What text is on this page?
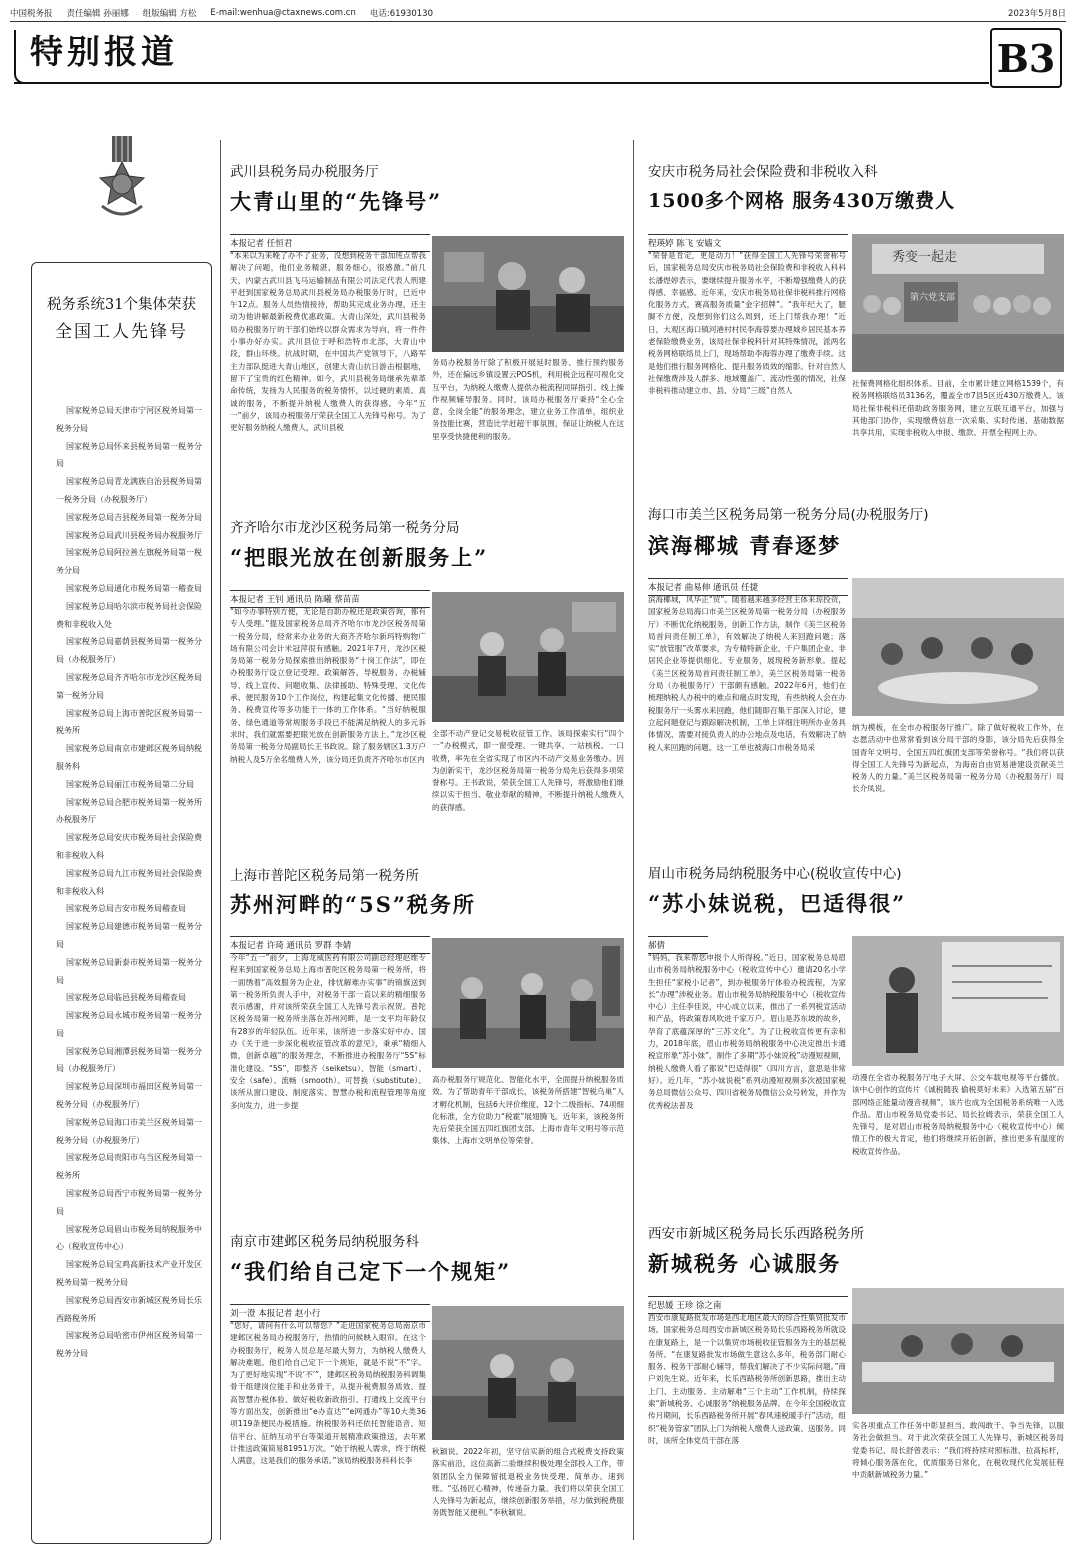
中国税务报 责任编辑 孙丽娜 组版编辑 方松 E-mail:wenhua@ctaxnews.com.cn 电话:61930130	2023年5月8日
特别报道	B3
税务系统31个集体荣获
全国工人先锋号
国家税务总局天津市宁河区税务局第一税务分局
国家税务总局怀来县税务局第一税务分局
国家税务总局青龙满族自治县税务局第一税务分局（办税服务厅）
国家税务总局吉县税务局第一税务分局
国家税务总局武川县税务局办税服务厅
国家税务总局阿拉善左旗税务局第一税务分局
国家税务总局通化市税务局第一稽查局
国家税务总局哈尔滨市税务局社会保险费和非税收入处
国家税务总局嘉荫县税务局第一税务分局（办税服务厅）
国家税务总局齐齐哈尔市龙沙区税务局第一税务分局
国家税务总局上海市普陀区税务局第一税务所
国家税务总局南京市建邺区税务局纳税服务科
国家税务总局丽江市税务局第二分局
国家税务总局合肥市税务局第一税务所办税服务厅
国家税务总局安庆市税务局社会保险费和非税收入科
国家税务总局九江市税务局社会保险费和非税收入科
国家税务总局吉安市税务局稽查局
国家税务总局建德市税务局第一税务分局
国家税务总局新泰市税务局第一税务分局
国家税务总局临邑县税务局稽查局
国家税务总局永城市税务局第一税务分局
国家税务总局湘潭县税务局第一税务分局（办税服务厅）
国家税务总局深圳市福田区税务局第一税务分局（办税服务厅）
国家税务总局海口市美兰区税务局第一税务分局（办税服务厅）
国家税务总局贵阳市乌当区税务局第一税务所
国家税务总局西宁市税务局第一税务分局
国家税务总局眉山市税务局纳税服务中心（税收宣传中心）
国家税务总局宝鸡高新技术产业开发区税务局第一税务分局
国家税务总局西安市新城区税务局长乐西路税务所
国家税务总局哈密市伊州区税务局第一税务分局
武川县税务局办税服务厅
大青山里的“先锋号”
本报记者 任恒君
“本来以为来晚了办不了业务，没想到税务干部加班点帮我解决了问题，他们业务精湛、服务细心，很感激。”前几天，内蒙古武川县飞马运输制品有限公司法定代表人刑建平赶到国家税务总局武川县税务局办税服务厅时，已近中午12点。服务人员热情接待，帮助其完成业务办理，还主动为他讲解最新税费优惠政策。大青山深处，武川县税务局办税服务厅的干部们始终以群众需求为导向，将一件件小事办好办实。武川县位于呼和浩特市北部，大青山中段，群山环绕。抗战时期，在中国共产党领导下，八路军主力部队挺进大青山地区，创建大青山抗日游击根据地，留下了宝贵的红色精神。如今，武川县税务局继承先辈革命传统，发扬为人民服务的税务情怀，以过硬的素质、真诚的服务，不断提升纳税人缴费人的获得感。今年“五一”前夕，该局办税服务厅荣获全国工人先锋号称号。为了更好服务纳税人缴费人，武川县税
务局办税服务厅除了积极开展延时服务、推行预约服务外，还在偏远乡镇设置云POS机，利用税企远程可视化交互平台，为纳税人缴费人提供办税流程同屏指引、线上操作视频辅导服务。同时，该局办税服务厅秉持“全心全意、全岗全能”的服务理念，建立业务工作清单，组织业务技能比赛，营造比学赶超干事氛围，保证让纳税人在这里享受快捷便利的服务。
齐齐哈尔市龙沙区税务局第一税务分局
“把眼光放在创新服务上”
本报记者 王钊 通讯员 陈曦 蔡苗苗
“如今办事特别方便，无论是自助办税还是政策咨询，都有专人受理。”提及国家税务总局齐齐哈尔市龙沙区税务局第一税务分局，经常来办业务的大商齐齐哈尔新玛特购物广场有限公司会计米冠萍很有感触。2021年7月，龙沙区税务局第一税务分局探索推出纳税服务“十岗工作法”，即在办税服务厅设立登记受理、政策解答、导税服务、办税辅导、线上宣传、问题收集、法律援助、特殊受理、文化传承、便民服务10个工作岗位，构建起集文化传播、便民服务、税费宣传等多功能于一体的工作体系。“当好纳税服务、绿色通道等常规服务手段已不能满足纳税人的多元诉求时，我们就需要把眼光放在创新服务方法上。”龙沙区税务局第一税务分局副局长王书政说。除了服务辖区1.3万户纳税人及5万余名缴费人外，该分局还负责齐齐哈尔市区内
全部不动产登记交易税收征管工作。该局探索实行“四个一”办税模式，即一窗受理、一键共享、一站核税、一口收费，率先在全省实现了市区内不动产交易业务缴办。因为创新实干，龙沙区税务局第一税务分局先后获得多项荣誉称号。王书政说，荣获全国工人先锋号，将激励他们继续以实干担当、敬业奉献的精神，不断提升纳税人缴费人的获得感。
上海市普陀区税务局第一税务所
苏州河畔的“5S”税务所
本报记者 许琦 通讯员 罗群 李婧
今年“五一”前夕，上海龙威医药有限公司副总经理赵维专程来到国家税务总局上海市普陀区税务局第一税务所，将一面绣着“高效服务为企业，排忧解难办实事”的锦旗送到第一税务所负责人手中，对税务干部一直以来的精细服务表示感谢，并对该所荣获全国工人先锋号表示祝贺。普陀区税务局第一税务所坐落在苏州河畔，是一支平均年龄仅有28岁的年轻队伍。近年来，该所进一步落实好中办、国办《关于进一步深化税收征管改革的意见》，秉承“精细入微，创新卓越”的服务理念，不断推进办税服务厅“5S”标准化建设。“5S”，即整齐（seiketsu）、智能（smart）、安全（safe）、流畅（smooth）、可替换（substitute）。该所从窗口建设、制度落实、智慧办税和流程管理等角度多向发力，进一步提
高办税服务厅规范化、智能化水平，全面提升纳税服务质效。为了帮助青年干部成长，该税务所搭建“智税乌巢”人才孵化机制，包括6大评价维度、12个二级指标、74项细化标准，全方位助力“税霍”展翅腾飞。近年来，该税务所先后荣获全国五四红旗团支部、上海市青年文明号等示范集体、上海市文明单位等荣誉。
南京市建邺区税务局纳税服务科
“我们给自己定下一个规矩”
刘一澄 本报记者 赵小行
“您好，请问有什么可以帮您？”走进国家税务总局南京市建邺区税务局办税服务厅，热情的问候映入眼帘。在这个办税服务厅，税务人员总是尽最大努力，为纳税人缴费人解决难题。他们给自己定下一个规矩，就是不说“不”字。为了更好地实现“不说‘不’”，建邺区税务局纳税服务科调集骨干组建岗位能手和业务骨干，从提升税费服务质效、提高智慧办税体验、做好税收新政指引、打通线上交流平台等方面出发，创新推出“e办直达”“e网通办”等10大类36项119条便民办税措施。纳税服务科还依托智能语音、短信平台、征纳互动平台等渠道开展精准政策推送，去年累计推送政策简易81951万次。“始于纳税人需求，终于纳税人满意，这是我们的服务承诺。”该局纳税服务科科长李
秋颖说。2022年初，坚守信实新的组合式税费支持政策落实前沿，这位高新二验继续积极处理全部投入工作，带领团队全力保障留抵退税业务快受理、简单办、速到账。“弘扬匠心精神，传递奋力量。我们将以荣获全国工人先锋号为新起点，继续创新服务举措，尽力做到税费服务既智能又便利。”李秋颖说。
安庆市税务局社会保险费和非税收入科
1500多个网格 服务430万缴费人
程瑛婷 陈飞 安嫱文
“荣誉是肯定，更是动力！”获得全国工人先锋号荣誉称号后，国家税务总局安庆市税务局社会保险费和非税收入科科长潘煜婷表示，要继续提升服务水平，不断增强缴费人的获得感、幸福感。近年来，安庆市税务局社保非税科推行网格化服务方式，赛高服务质量“金字招牌”。“我年纪大了，腿脚不方便，没想到你们这么周到，还上门帮我办理！”近日，大观区海口镇河港村村民李海蓉要办理城乡居民基本养老保险缴费业务，该局社保非税科针对其特殊情况，派两名税务网格联络员上门，现场帮助李海蓉办理了缴费手续。这是他们推行服务网格化、提升服务质效的缩影。针对自然人社保缴费涉及人群多、地域覆盖广、流动性强的情况，社保非税科推动建立市、县、分局“三级”自然人
秀变一起走
第六党支部
社保费网格化组织体系。目前，全市累计建立网格1539个，有税务网格联络员3136名，覆盖全市7县5区近430万缴费人。该局社保非税科还借助政务服务网，建立互联互通平台，加强与其他部门协作，实现缴费信息一次采集、实时传递、基础数据共享共用，实现非税收入申报、缴款、开票全程网上办。
海口市美兰区税务局第一税务分局(办税服务厅)
滨海椰城 青春逐梦
本报记者 曲易伸 通讯员 任捷
滨海椰城，风华正“贸”。随着越来越多经营主体来琼投资，国家税务总局海口市美兰区税务局第一税务分局（办税服务厅）不断优化纳税服务，创新工作方法，制作《美兰区税务局首问责任制工单》，有效解决了纳税人来回跑问题；落实“放管服”改革要求，为专精特新企业、千户集团企业、非居民企业等提供细化、专业服务，展现税务新形象。提起《美兰区税务局首问责任制工单》，美兰区税务局第一税务分局（办税服务厅）干部颇有感触。2022年6月，他们在梳理纳税人办税中的难点和痛点时发现，有些纳税人会在办税服务厅一头雾水来回跑，他们随即召集干部深入讨论，建立起问题登记与跟踪解决机制，工单上详细注明所办业务具体情况、需要对接负责人的办公地点及电话，有效解决了纳税人来回跑的问题。这一工单也被海口市税务局采
纳为模板，在全市办税服务厅推广。除了做好税收工作外，在志愿活动中也常常看到该分局干部的身影，该分局先后获得全国青年文明号、全国五四红旗团支部等荣誉称号。“我们将以获得全国工人先锋号为新起点，为海南自由贸易港建设贡献美兰税务人的力量。”美兰区税务局第一税务分局（办税服务厅）局长介凤说。
眉山市税务局纳税服务中心(税收宣传中心)
“苏小妹说税，巴适得很”
郝倩
“妈妈，我来帮您申报个人所得税。”近日，国家税务总局眉山市税务局纳税服务中心（税收宣传中心）邀请20名小学生担任“家税小记者”，到办税服务厅体验办税流程，为家长“办理”涉税业务。眉山市税务局纳税服务中心（税收宣传中心）主任李佳说，中心成立以来，推出了一系列税宣活动和产品，将政策春风吹进千家万户。眉山是苏东坡的故乡，孕育了底蕴深厚的“三苏文化”。为了让税收宣传更有亲和力，2018年底，眉山市税务局纳税服务中心决定推出卡通税宣形象“苏小妹”，制作了多期“苏小妹说税”动漫短视频，纳税人缴费人看了都说“巴适得很”（四川方言，意思是非常好）。近几年，“苏小妹说税”系列动漫短视频多次被国家税务总局微信公众号、四川省税务局微信公众号转发，并作为优秀税法普及
动漫在全省办税服务厅电子大屏、公交车载电视等平台播放。该中心创作的宣传片《诚税随我 偷税莫好未来》入选第五届“百部网络正能量动漫音视频”，该片也成为全国税务系统唯一入选作品。眉山市税务局党委书记、局长拉姆表示，荣获全国工人先锋号，是对眉山市税务局纳税服务中心（税收宣传中心）倾情工作的极大肯定，他们将继续开拓创新，推出更多有温度的税收宣传作品。
西安市新城区税务局长乐西路税务所
新城税务 心诚服务
纪思媛 王珍 徐之南
西安市康复路批发市场是西北地区最大的综合性集贸批发市场。国家税务总局西安市新城区税务局长乐西路税务所就设在康复路上，是一个以集贸市场税收征管服务为主的基层税务所。“在康复路批发市场做生意这么多年，税务部门耐心服务、税务干部耐心辅导，帮我们解决了不少实际问题。”商户刘先生说。近年来，长乐西路税务所创新思路，推出主动上门、主动服务、主动解难“三个主动”工作机制，持续探索“新城税务、心诚服务”纳税服务品牌。在今年全国税收宣传月期间，长乐西路税务所开展“春风速税暖手行”活动，组织“税务管家”团队上门为纳税人缴费人送政策、送服务。同时，该所全体党员干部在落
实各项重点工作任务中彰显担当、敢闯敢干、争当先锋，以服务社会做担当。对于此次荣获全国工人先锋号，新城区税务局党委书记、局长舒曾表示：“我们将持续对照标准、拉高标杆，将倾心服务落在化，优质服务日常化，在税收现代化发展征程中贡献新城税务力量。”
